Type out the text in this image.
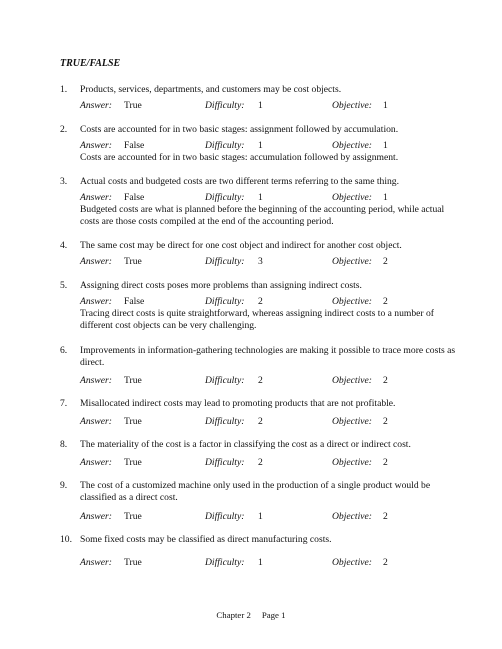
TRUE/FALSE
1. Products, services, departments, and customers may be cost objects.
Answer: True	Difficulty: 1	Objective: 1
2. Costs are accounted for in two basic stages: assignment followed by accumulation.
Answer: False	Difficulty: 1	Objective: 1
Costs are accounted for in two basic stages: accumulation followed by assignment.
3. Actual costs and budgeted costs are two different terms referring to the same thing.
Answer: False	Difficulty: 1	Objective: 1
Budgeted costs are what is planned before the beginning of the accounting period, while actual costs are those costs compiled at the end of the accounting period.
4. The same cost may be direct for one cost object and indirect for another cost object.
Answer: True	Difficulty: 3	Objective: 2
5. Assigning direct costs poses more problems than assigning indirect costs.
Answer: False	Difficulty: 2	Objective: 2
Tracing direct costs is quite straightforward, whereas assigning indirect costs to a number of different cost objects can be very challenging.
6. Improvements in information-gathering technologies are making it possible to trace more costs as direct.
Answer: True	Difficulty: 2	Objective: 2
7. Misallocated indirect costs may lead to promoting products that are not profitable.
Answer: True	Difficulty: 2	Objective: 2
8. The materiality of the cost is a factor in classifying the cost as a direct or indirect cost.
Answer: True	Difficulty: 2	Objective: 2
9. The cost of a customized machine only used in the production of a single product would be classified as a direct cost.
Answer: True	Difficulty: 1	Objective: 2
10. Some fixed costs may be classified as direct manufacturing costs.
Answer: True	Difficulty: 1	Objective: 2
Chapter 2     Page 1
